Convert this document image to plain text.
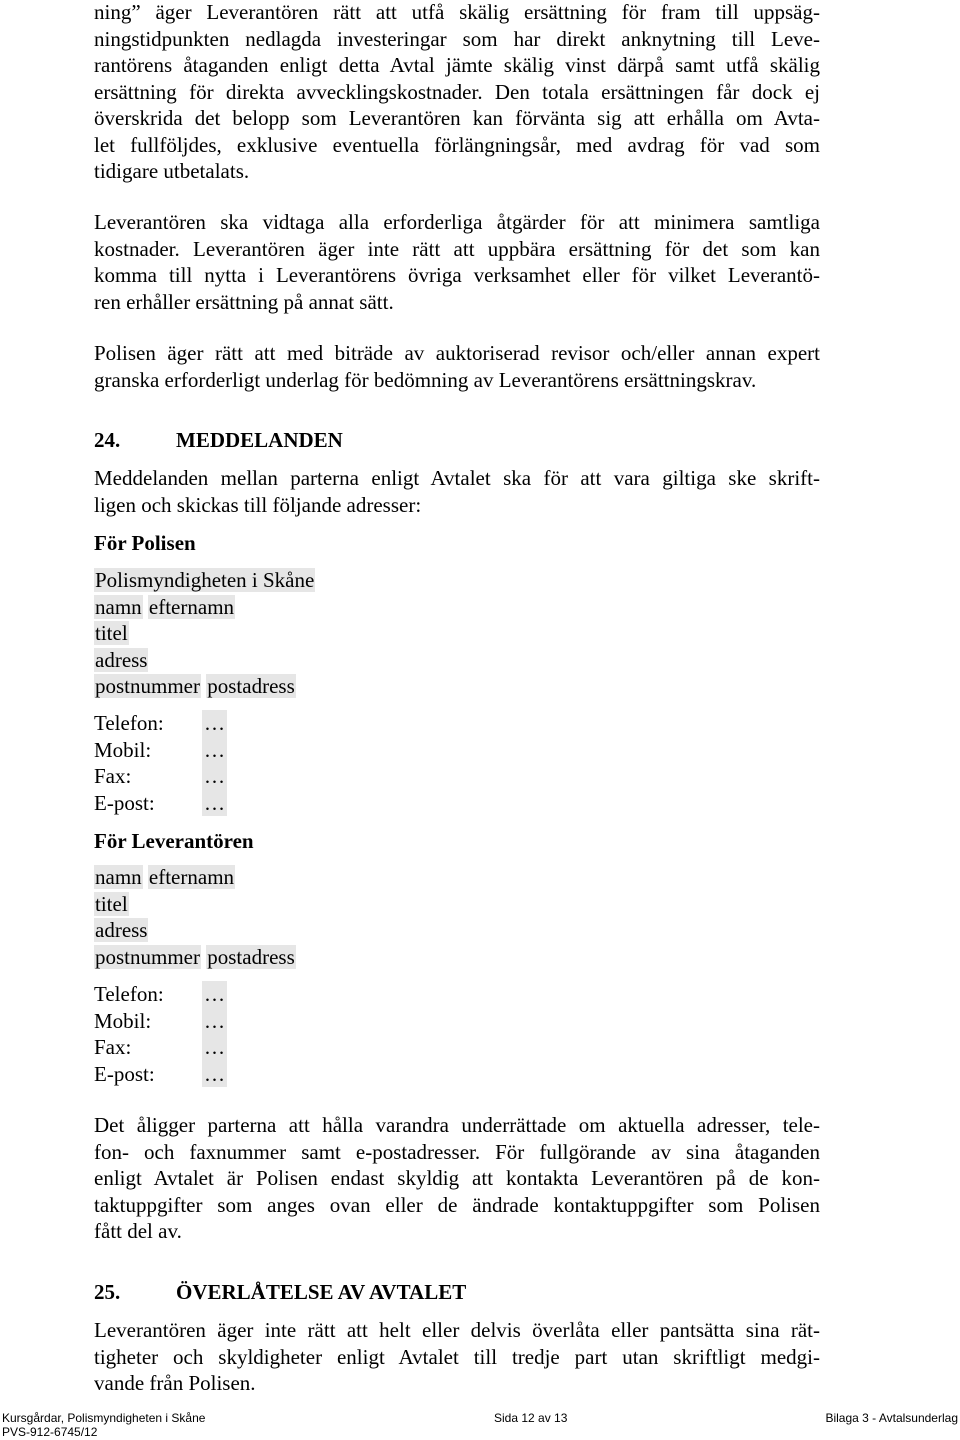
ning” äger Leverantören rätt att utfå skälig ersättning för fram till uppsäg-
ningstidpunkten nedlagda investeringar som har direkt anknytning till Leve-
rantörens åtaganden enligt detta Avtal jämte skälig vinst därpå samt utfå skälig
ersättning för direkta avvecklingskostnader. Den totala ersättningen får dock ej
överskrida det belopp som Leverantören kan förvänta sig att erhålla om Avta-
let fullföljdes, exklusive eventuella förlängningsår, med avdrag för vad som
tidigare utbetalats.
Leverantören ska vidtaga alla erforderliga åtgärder för att minimera samtliga
kostnader. Leverantören äger inte rätt att uppbära ersättning för det som kan
komma till nytta i Leverantörens övriga verksamhet eller för vilket Leverantö-
ren erhåller ersättning på annat sätt.
Polisen äger rätt att med biträde av auktoriserad revisor och/eller annan expert
granska erforderligt underlag för bedömning av Leverantörens ersättningskrav.
24.	MEDDELANDEN
Meddelanden mellan parterna enligt Avtalet ska för att vara giltiga ske skrift-
ligen och skickas till följande adresser:
För Polisen
Polismyndigheten i Skåne
namn efternamn
titel
adress
postnummer postadress
Telefon:	…
Mobil:	…
Fax:	…
E-post:	…
För Leverantören
namn efternamn
titel
adress
postnummer postadress
Telefon:	…
Mobil:	…
Fax:	…
E-post:	…
Det åligger parterna att hålla varandra underrättade om aktuella adresser, tele-
fon- och faxnummer samt e-postadresser. För fullgörande av sina åtaganden
enligt Avtalet är Polisen endast skyldig att kontakta Leverantören på de kon-
taktuppgifter som anges ovan eller de ändrade kontaktuppgifter som Polisen
fått del av.
25.	ÖVERLÅTELSE AV AVTALET
Leverantören äger inte rätt att helt eller delvis överlåta eller pantsätta sina rät-
tigheter och skyldigheter enligt Avtalet till tredje part utan skriftligt medgi-
vande från Polisen.
Kursgårdar, Polismyndigheten i Skåne	Sida 12 av 13	Bilaga 3 - Avtalsunderlag
PVS-912-6745/12
